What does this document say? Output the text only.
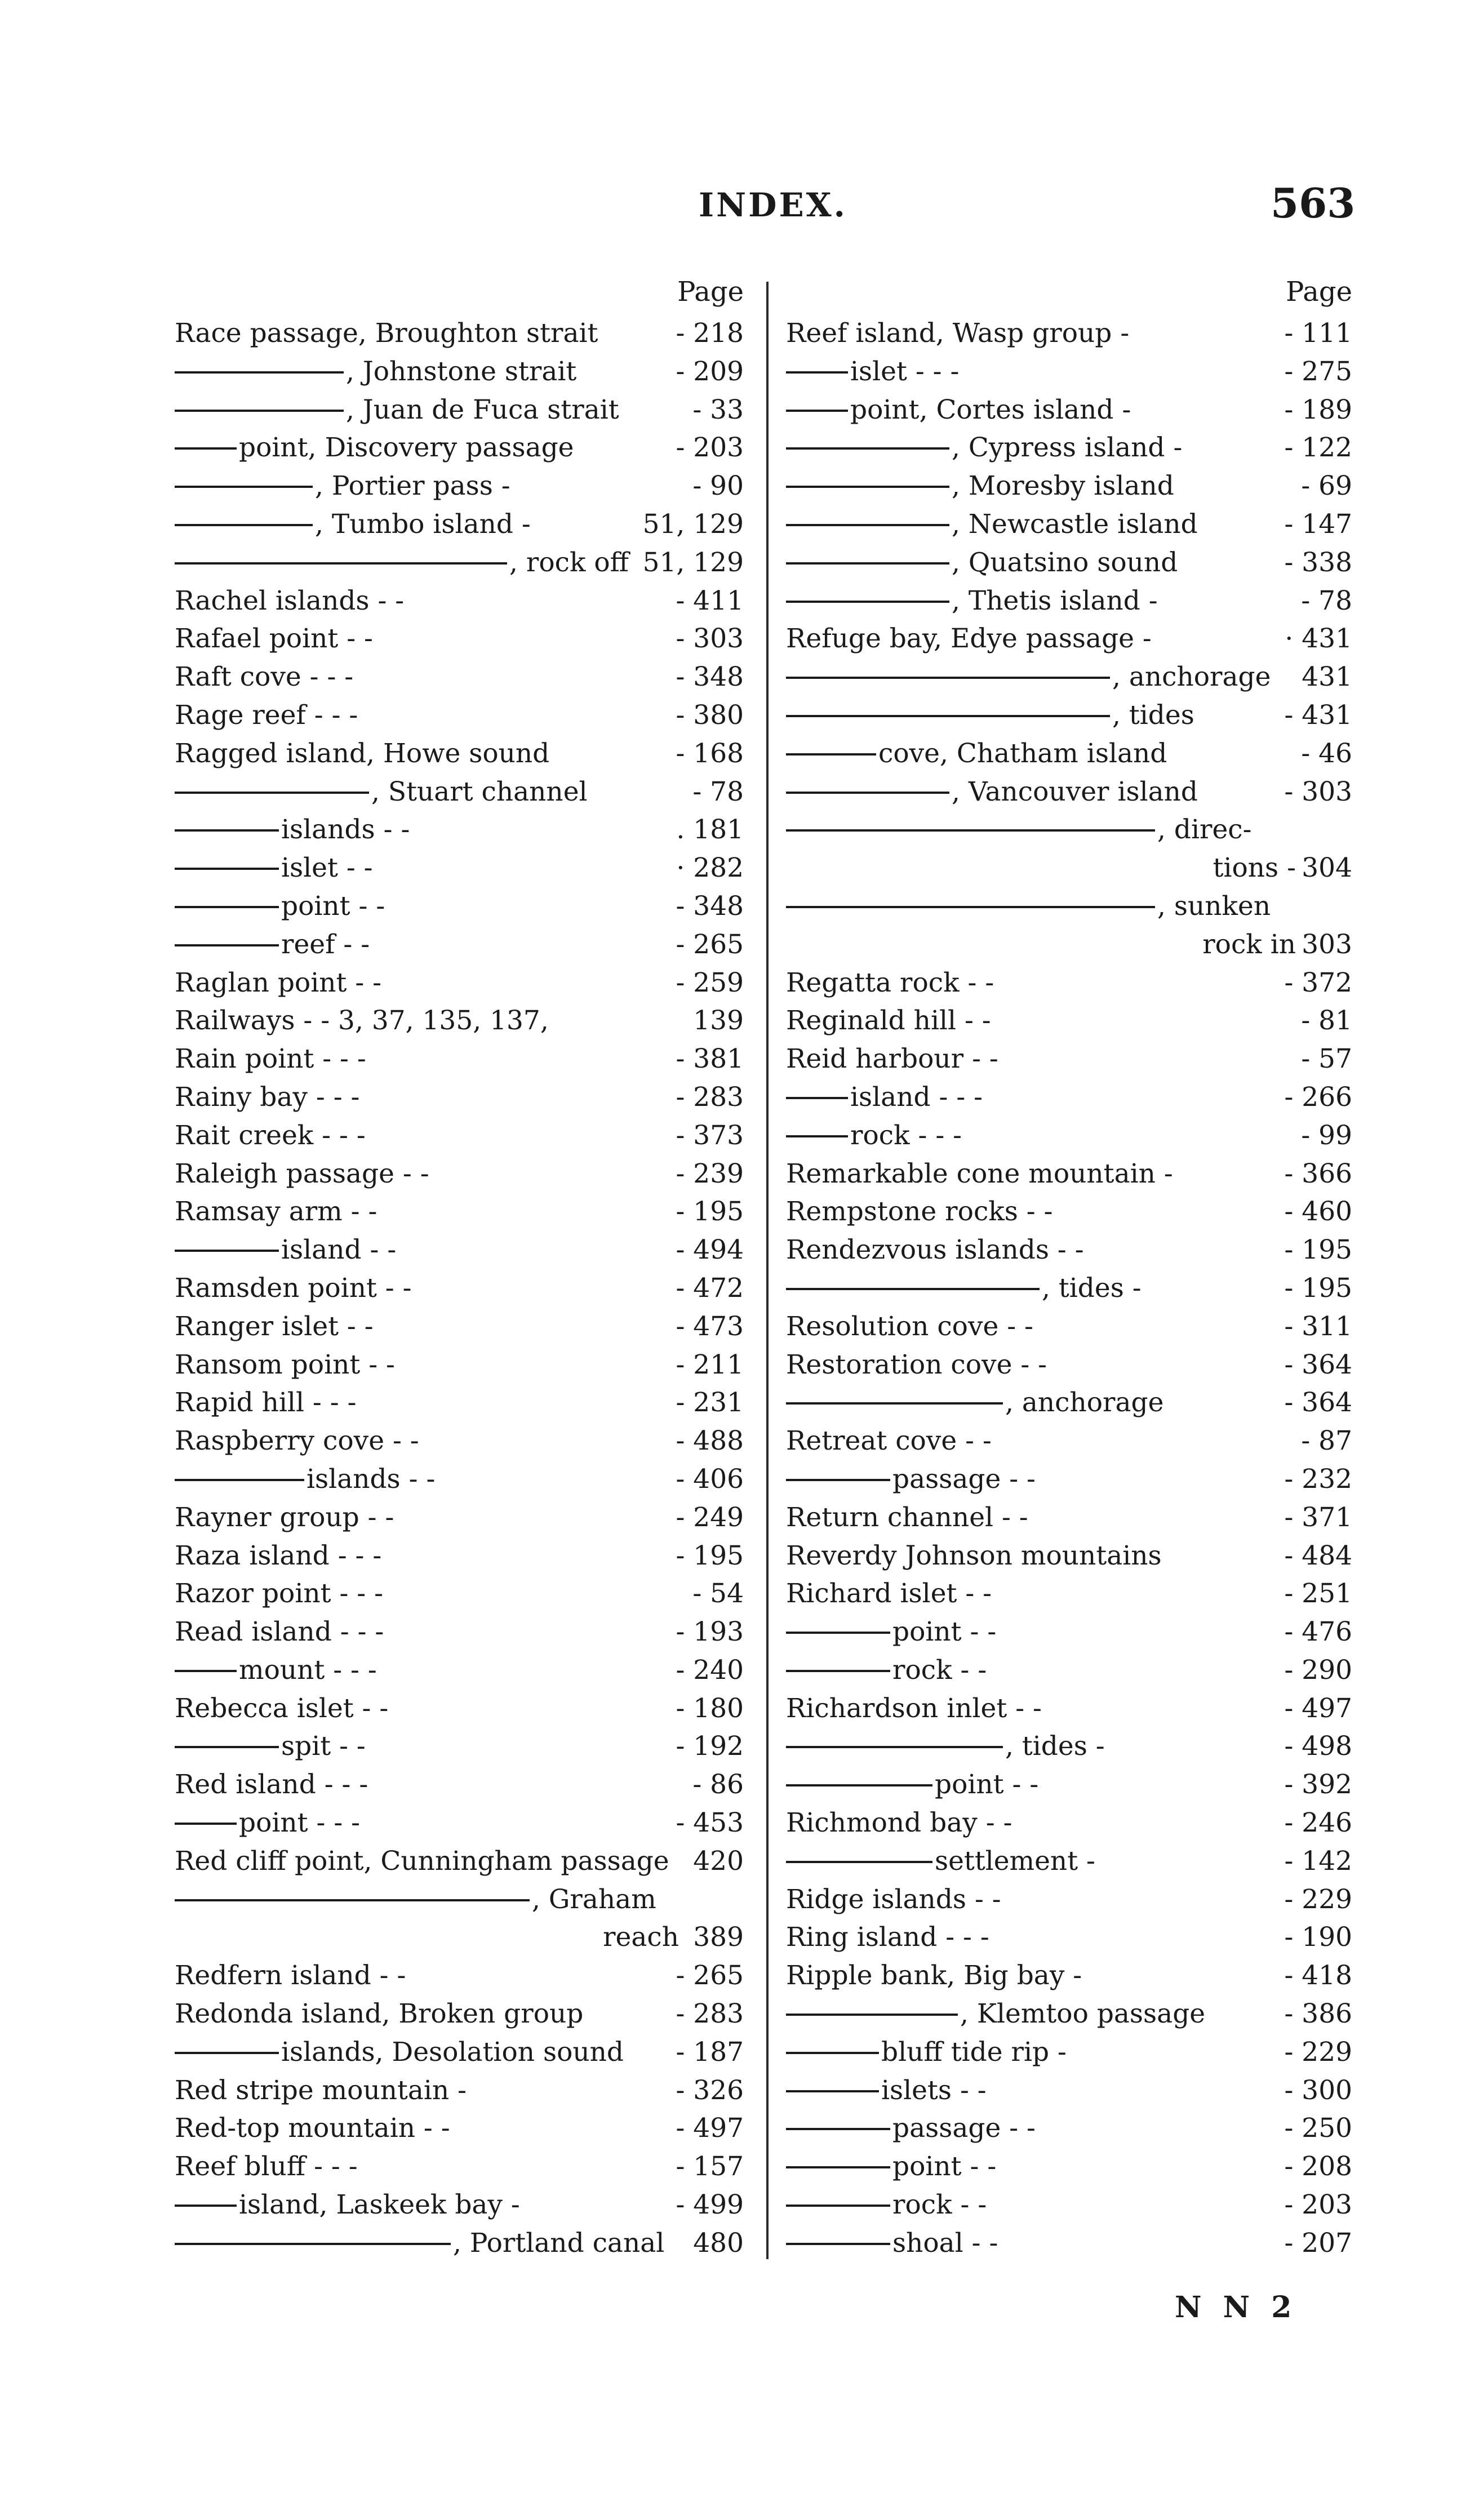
INDEX.	563
Page
Race passage, Broughton strait	- 218
, Johnstone strait	- 209
, Juan de Fuca strait	- 33
point, Discovery passage	- 203
, Portier pass -	- 90
, Tumbo island -	51, 129
, rock off 51, 129
Rachel islands - -	- 411
Rafael point - -	- 303
Raft cove - - -	- 348
Rage reef - - -	- 380
Ragged island, Howe sound	- 168
, Stuart channel	- 78
islands - -	. 181
islet - -	· 282
point - -	- 348
reef - -	- 265
Raglan point - -	- 259
Railways - - 3, 37, 135, 137,	139
Rain point - - -	- 381
Rainy bay - - -	- 283
Rait creek - - -	- 373
Raleigh passage - -	- 239
Ramsay arm - -	- 195
island - -	- 494
Ramsden point - -	- 472
Ranger islet - -	- 473
Ransom point - -	- 211
Rapid hill - - -	- 231
Raspberry cove - -	- 488
islands - -	- 406
Rayner group - -	- 249
Raza island - - -	- 195
Razor point - - -	- 54
Read island - - -	- 193
mount - - -	- 240
Rebecca islet - -	- 180
spit - -	- 192
Red island - - -	- 86
point - - -	- 453
Red cliff point, Cunningham passage 420
, Graham
reach 389
Redfern island - -	- 265
Redonda island, Broken group	- 283
islands, Desolation sound - 187
Red stripe mountain -	- 326
Red-top mountain - -	- 497
Reef bluff - - -	- 157
island, Laskeek bay -	- 499
, Portland canal 480
Page
Reef island, Wasp group -	- 111
islet - - -	- 275
point, Cortes island -	- 189
, Cypress island -	- 122
, Moresby island	- 69
, Newcastle island	- 147
, Quatsino sound	- 338
, Thetis island -	- 78
Refuge bay, Edye passage -	· 431
, anchorage 431
, tides	- 431
cove, Chatham island	- 46
, Vancouver island	- 303
, direc-
tions - 304
, sunken
rock in 303
Regatta rock - -	- 372
Reginald hill - -	- 81
Reid harbour - -	- 57
island - - -	- 266
rock - - -	- 99
Remarkable cone mountain -	- 366
Rempstone rocks - -	- 460
Rendezvous islands - -	- 195
, tides -	- 195
Resolution cove - -	- 311
Restoration cove - -	- 364
, anchorage	- 364
Retreat cove - -	- 87
passage - -	- 232
Return channel - -	- 371
Reverdy Johnson mountains	- 484
Richard islet - -	- 251
point - -	- 476
rock - -	- 290
Richardson inlet - -	- 497
, tides -	- 498
point - -	- 392
Richmond bay - -	- 246
settlement -	- 142
Ridge islands - -	- 229
Ring island - - -	- 190
Ripple bank, Big bay -	- 418
, Klemtoo passage	- 386
bluff tide rip -	- 229
islets - -	- 300
passage - -	- 250
point - -	- 208
rock - -	- 203
shoal - -	- 207
N N 2
